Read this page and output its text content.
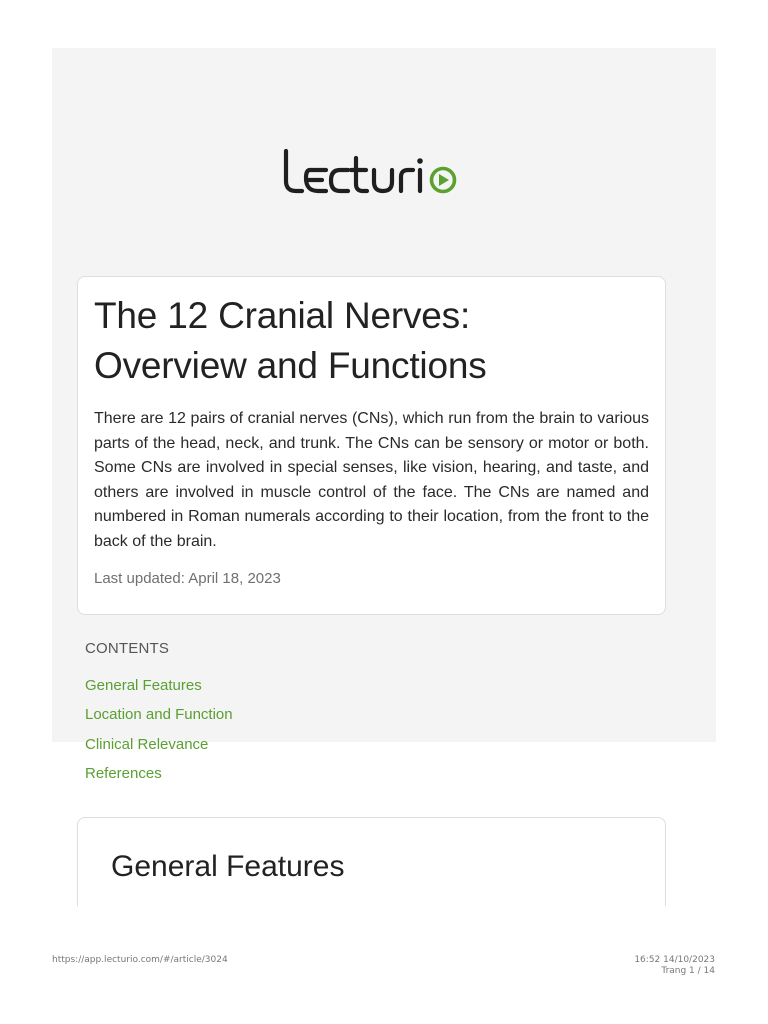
The 12 Cranial Nerves:
Overview and Functions

There are 12 pairs of cranial nerves (CNs), which run from the brain to various parts of the head, neck, and trunk. The CNs can be sensory or motor or both. Some CNs are involved in special senses, like vision, hearing, and taste, and others are involved in muscle control of the face. The CNs are named and numbered in Roman numerals according to their location, from the front to the back of the brain.

Last updated: April 18, 2023

CONTENTS

General Features
Location and Function
Clinical Relevance
References
General Features
https://app.lecturio.com/#/article/3024	16:52 14/10/2023
Trang 1 / 14
